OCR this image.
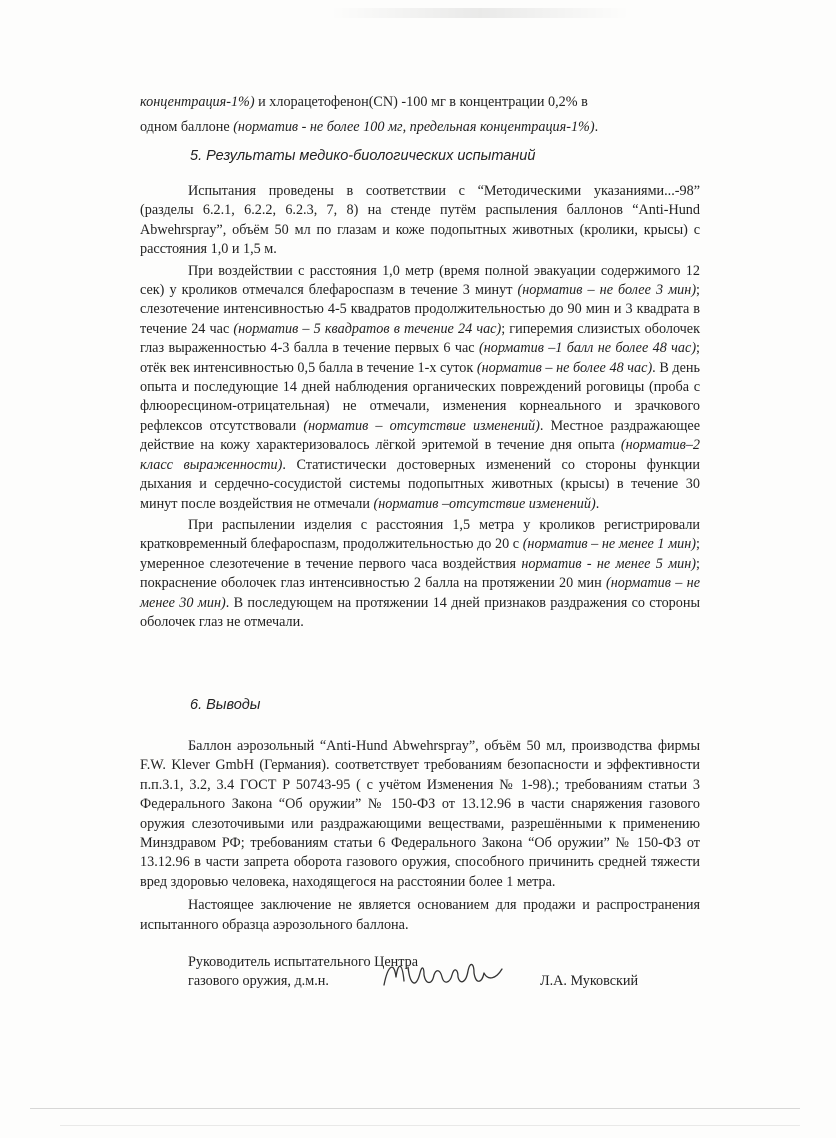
концентрация-1%) и хлорацетофенон(CN) -100 мг в концентрации 0,2% в

одном баллоне (норматив - не более 100 мг, предельная концентрация-1%).

5. Результаты медико-биологических испытаний

Испытания проведены в соответствии с “Методическими указаниями...-98” (разделы 6.2.1, 6.2.2, 6.2.3, 7, 8) на стенде путём распыления баллонов “Anti-Hund Abwehrspray”, объём 50 мл по глазам и коже подопытных животных (кролики, крысы) с расстояния 1,0 и 1,5 м.

При воздействии с расстояния 1,0 метр (время полной эвакуации содержимого 12 сек) у кроликов отмечался блефароспазм в течение 3 минут (норматив – не более 3 мин); слезотечение интенсивностью 4-5 квадратов продолжительностью до 90 мин и 3 квадрата в течение 24 час (норматив – 5 квадратов в течение 24 час); гиперемия слизистых оболочек глаз выраженностью 4-3 балла в течение первых 6 час (норматив –1 балл не более 48 час); отёк век интенсивностью 0,5 балла в течение 1-х суток (норматив – не более 48 час). В день опыта и последующие 14 дней наблюдения органических повреждений роговицы (проба с флюоресцином-отрицательная) не отмечали, изменения корнеального и зрачкового рефлексов отсутствовали (норматив – отсутствие изменений). Местное раздражающее действие на кожу характеризовалось лёгкой эритемой в течение дня опыта (норматив–2 класс выраженности). Статистически достоверных изменений со стороны функции дыхания и сердечно-сосудистой системы подопытных животных (крысы) в течение 30 минут после воздействия не отмечали (норматив –отсутствие изменений).

При распылении изделия с расстояния 1,5 метра у кроликов регистрировали кратковременный блефароспазм, продолжительностью до 20 с (норматив – не менее 1 мин); умеренное слезотечение в течение первого часа воздействия норматив - не менее 5 мин); покраснение оболочек глаз интенсивностью 2 балла на протяжении 20 мин (норматив – не менее 30 мин). В последующем на протяжении 14 дней признаков раздражения со стороны оболочек глаз не отмечали.

6. Выводы

Баллон аэрозольный “Anti-Hund Abwehrspray”, объём 50 мл, производства фирмы F.W. Klever GmbH (Германия). соответствует требованиям безопасности и эффективности п.п.3.1, 3.2, 3.4 ГОСТ Р 50743-95 ( с учётом Изменения № 1-98).; требованиям статьи 3 Федерального Закона “Об оружии” № 150-ФЗ от 13.12.96 в части снаряжения газового оружия слезоточивыми или раздражающими веществами, разрешёнными к применению Минздравом РФ; требованиям статьи 6 Федерального Закона “Об оружии” № 150-ФЗ от 13.12.96 в части запрета оборота газового оружия, способного причинить средней тяжести вред здоровью человека, находящегося на расстоянии более 1 метра.

Настоящее заключение не является основанием для продажи и распространения испытанного образца аэрозольного баллона.

Руководитель испытательного Центра
газового оружия, д.м.н.	Л.А. Муковский
